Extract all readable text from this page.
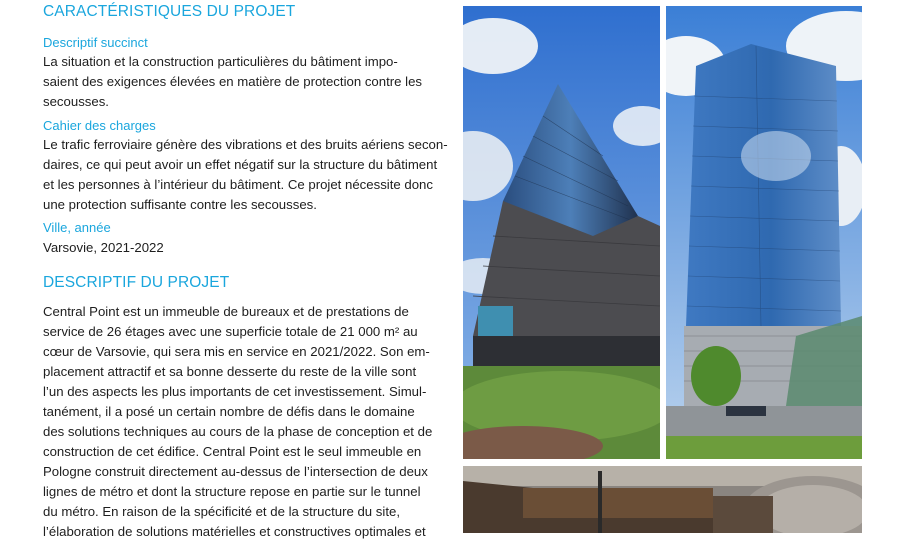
CARACTÉRISTIQUES DU PROJET
Descriptif succinct

La situation et la construction particulières du bâtiment impo-

saient des exigences élevées en matière de protection contre les

secousses.

Cahier des charges

Le trafic ferroviaire génère des vibrations et des bruits aériens secon-

daires, ce qui peut avoir un effet négatif sur la structure du bâtiment

et les personnes à l’intérieur du bâtiment. Ce projet nécessite donc

une protection suffisante contre les secousses.

Ville, année

Varsovie, 2021-2022

DESCRIPTIF DU PROJET

Central Point est un immeuble de bureaux et de prestations de

service de 26 étages avec une superficie totale de 21 000 m² au

cœur de Varsovie, qui sera mis en service en 2021/2022. Son em-

placement attractif et sa bonne desserte du reste de la ville sont

l’un des aspects les plus importants de cet investissement. Simul-

tanément, il a posé un certain nombre de défis dans le domaine

des solutions techniques au cours de la phase de conception et de

construction de cet édifice. Central Point est le seul immeuble en

Pologne construit directement au-dessus de l’intersection de deux

lignes de métro et dont la structure repose en partie sur le tunnel

du métro. En raison de la spécificité et de la structure du site,

l’élaboration de solutions matérielles et constructives optimales et
